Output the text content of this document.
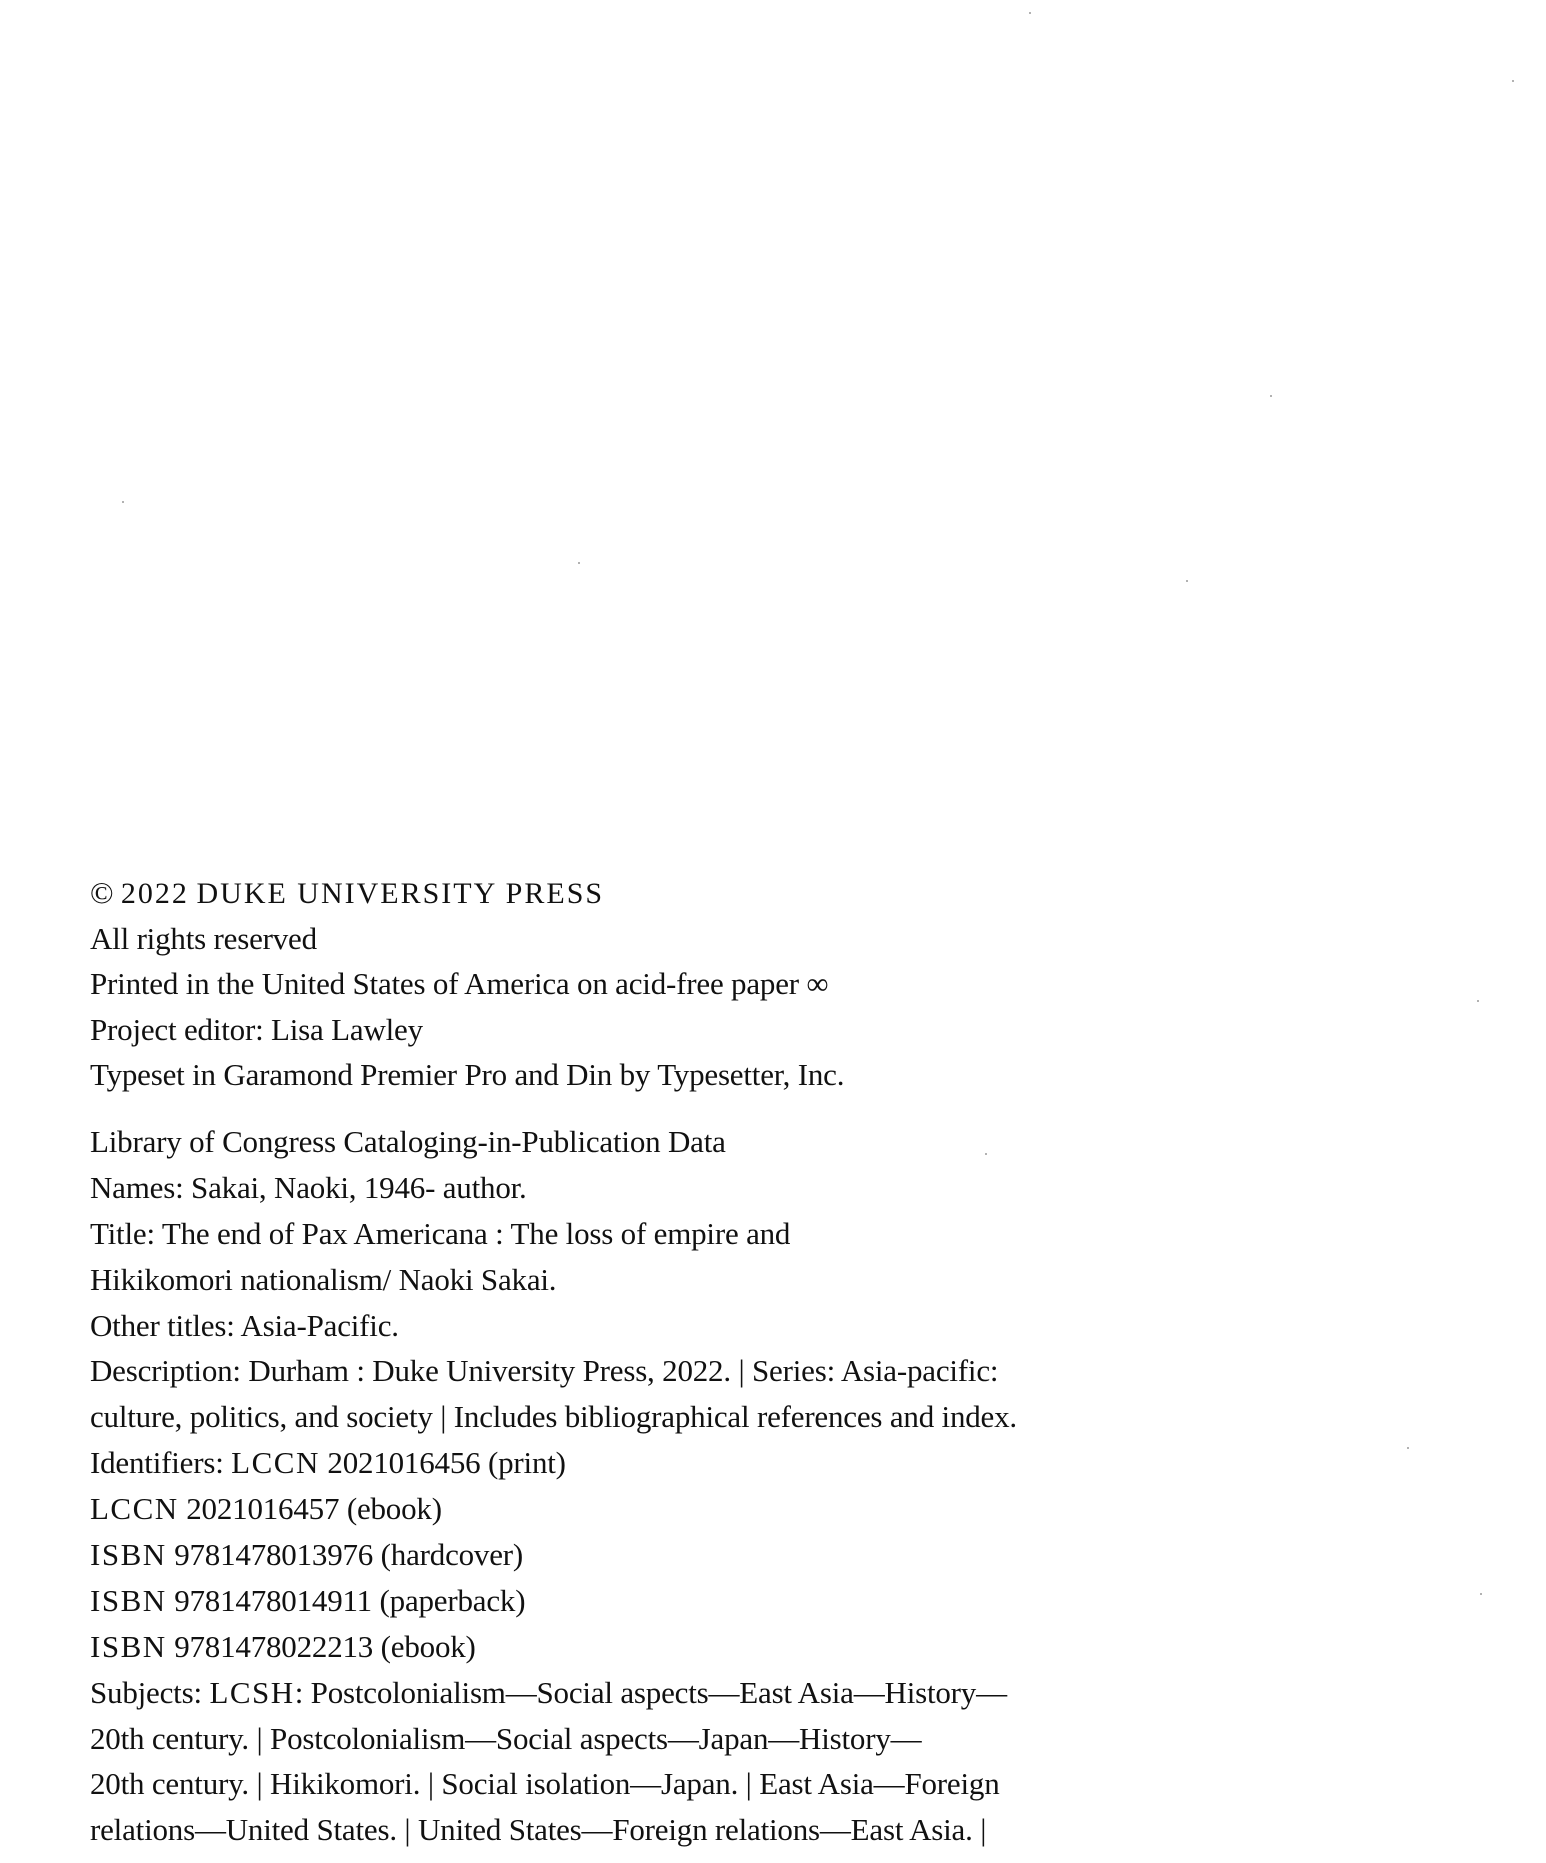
© 2022 DUKE UNIVERSITY PRESS
All rights reserved
Printed in the United States of America on acid-free paper ∞
Project editor: Lisa Lawley
Typeset in Garamond Premier Pro and Din by Typesetter, Inc.
Library of Congress Cataloging-in-Publication Data
Names: Sakai, Naoki, 1946- author.
Title: The end of Pax Americana : The loss of empire and
Hikikomori nationalism/ Naoki Sakai.
Other titles: Asia-Pacific.
Description: Durham : Duke University Press, 2022. | Series: Asia-pacific:
culture, politics, and society | Includes bibliographical references and index.
Identifiers: LCCN 2021016456 (print)
LCCN 2021016457 (ebook)
ISBN 9781478013976 (hardcover)
ISBN 9781478014911 (paperback)
ISBN 9781478022213 (ebook)
Subjects: LCSH: Postcolonialism—Social aspects—East Asia—History—
20th century. | Postcolonialism—Social aspects—Japan—History—
20th century. | Hikikomori. | Social isolation—Japan. | East Asia—Foreign
relations—United States. | United States—Foreign relations—East Asia. |
